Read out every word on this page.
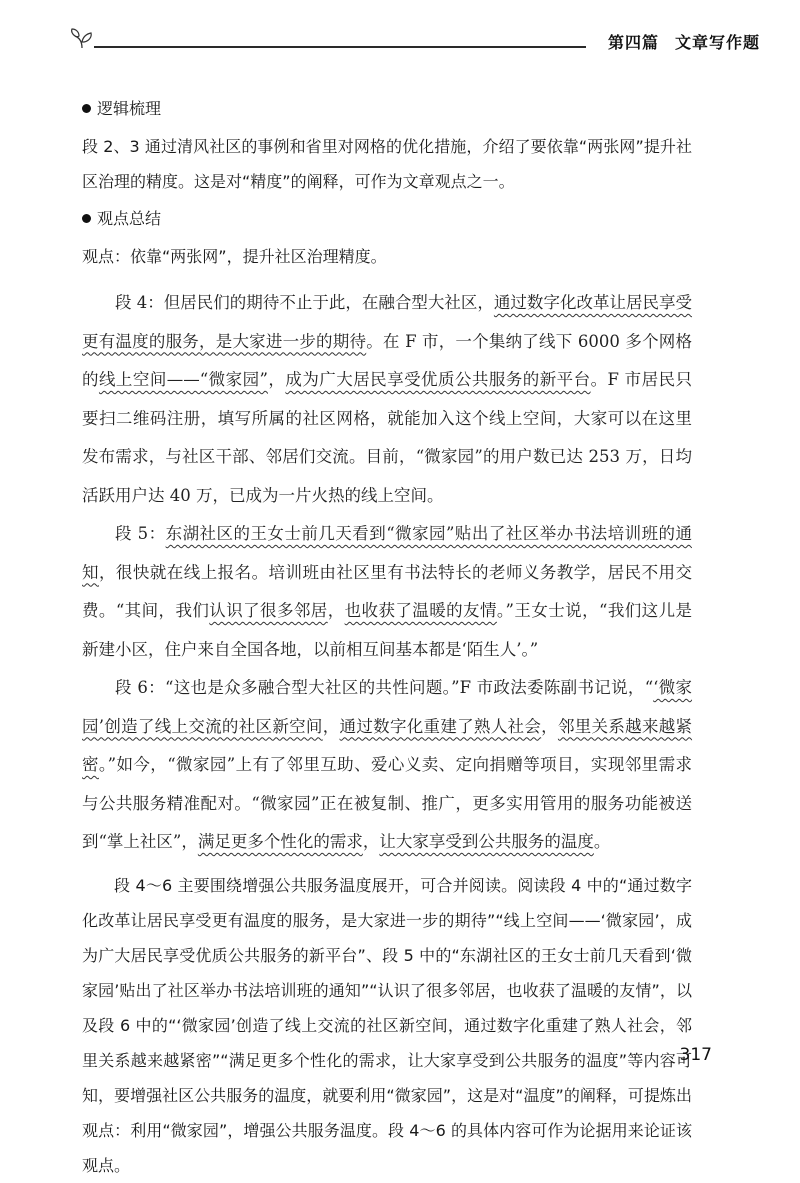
第四篇 文章写作题

逻辑梳理

段 2、3 通过清风社区的事例和省里对网格的优化措施，介绍了要依靠“两张网”提升社区治理的精度。这是对“精度”的阐释，可作为文章观点之一。

观点总结

观点：依靠“两张网”，提升社区治理精度。

段 4：但居民们的期待不止于此，在融合型大社区，通过数字化改革让居民享受更有温度的服务，是大家进一步的期待。在 F 市，一个集纳了线下 6000 多个网格的线上空间——“微家园”，成为广大居民享受优质公共服务的新平台。F 市居民只要扫二维码注册，填写所属的社区网格，就能加入这个线上空间，大家可以在这里发布需求，与社区干部、邻居们交流。目前，“微家园”的用户数已达 253 万，日均活跃用户达 40 万，已成为一片火热的线上空间。

段 5：东湖社区的王女士前几天看到“微家园”贴出了社区举办书法培训班的通知，很快就在线上报名。培训班由社区里有书法特长的老师义务教学，居民不用交费。“其间，我们认识了很多邻居，也收获了温暖的友情。”王女士说，“我们这儿是新建小区，住户来自全国各地，以前相互间基本都是‘陌生人’。”

段 6：“这也是众多融合型大社区的共性问题。”F 市政法委陈副书记说，“‘微家园’创造了线上交流的社区新空间，通过数字化重建了熟人社会，邻里关系越来越紧密。”如今，“微家园”上有了邻里互助、爱心义卖、定向捐赠等项目，实现邻里需求与公共服务精准配对。“微家园”正在被复制、推广，更多实用管用的服务功能被送到“掌上社区”，满足更多个性化的需求，让大家享受到公共服务的温度。

段 4～6 主要围绕增强公共服务温度展开，可合并阅读。阅读段 4 中的“通过数字化改革让居民享受更有温度的服务，是大家进一步的期待”“线上空间——‘微家园’，成为广大居民享受优质公共服务的新平台”、段 5 中的“东湖社区的王女士前几天看到‘微家园’贴出了社区举办书法培训班的通知”“认识了很多邻居，也收获了温暖的友情”，以及段 6 中的“‘微家园’创造了线上交流的社区新空间，通过数字化重建了熟人社会，邻里关系越来越紧密”“满足更多个性化的需求，让大家享受到公共服务的温度”等内容可知，要增强社区公共服务的温度，就要利用“微家园”，这是对“温度”的阐释，可提炼出观点：利用“微家园”，增强公共服务温度。段 4～6 的具体内容可作为论据用来论证该观点。

317
